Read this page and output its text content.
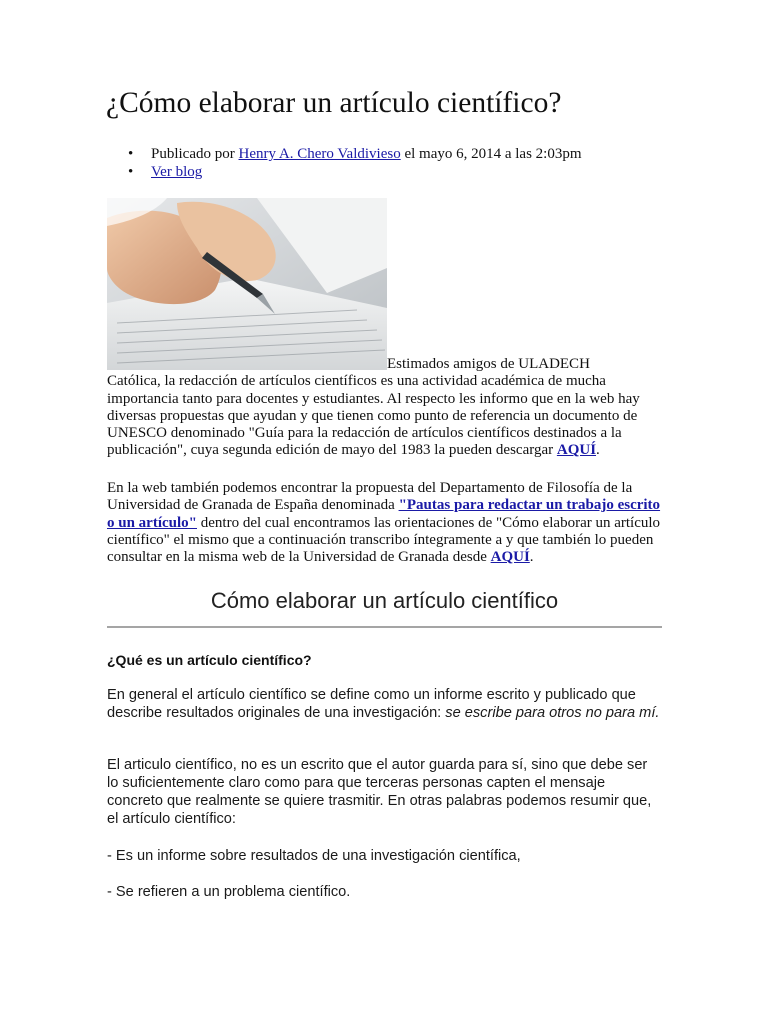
¿Cómo elaborar un artículo científico?
• Publicado por Henry A. Chero Valdivieso el mayo 6, 2014 a las 2:03pm
• Ver blog

Estimados amigos de ULADECH
Católica, la redacción de artículos científicos es una actividad académica de mucha importancia tanto para docentes y estudiantes. Al respecto les informo que en la web hay diversas propuestas que ayudan y que tienen como punto de referencia un documento de UNESCO denominado "Guía para la redacción de artículos científicos destinados a la publicación", cuya segunda edición de mayo del 1983 la pueden descargar AQUÍ.

En la web también podemos encontrar la propuesta del Departamento de Filosofía de la Universidad de Granada de España denominada "Pautas para redactar un trabajo escrito o un artículo" dentro del cual encontramos las orientaciones de "Cómo elaborar un artículo científico" el mismo que a continuación transcribo íntegramente a y que también lo pueden consultar en la misma web de la Universidad de Granada desde AQUÍ.

Cómo elaborar un artículo científico

¿Qué es un artículo científico?

En general el artículo científico se define como un informe escrito y publicado que describe resultados originales de una investigación: se escribe para otros no para mí.

El articulo científico, no es un escrito que el autor guarda para sí, sino que debe ser lo suficientemente claro como para que terceras personas capten el mensaje concreto que realmente se quiere trasmitir. En otras palabras podemos resumir que, el artículo científico:

- Es un informe sobre resultados de una investigación científica,

- Se refieren a un problema científico.
